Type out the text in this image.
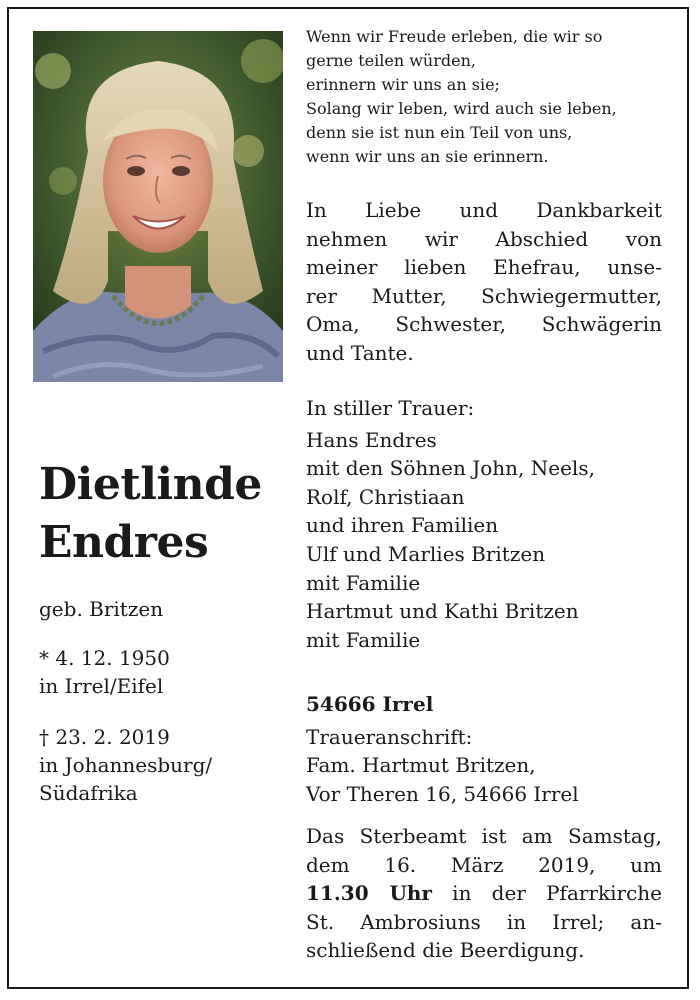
Wenn wir Freude erleben, die wir so
gerne teilen würden,
erinnern wir uns an sie;
Solang wir leben, wird auch sie leben,
denn sie ist nun ein Teil von uns,
wenn wir uns an sie erinnern.
In Liebe und Dankbarkeit
nehmen wir Abschied von
meiner lieben Ehefrau, unse-
rer Mutter, Schwiegermutter,
Oma, Schwester, Schwägerin
und Tante.
In stiller Trauer:
Hans Endres
mit den Söhnen John, Neels,
Rolf, Christiaan
und ihren Familien
Ulf und Marlies Britzen
mit Familie
Hartmut und Kathi Britzen
mit Familie
54666 Irrel
Traueranschrift:
Fam. Hartmut Britzen,
Vor Theren 16, 54666 Irrel
Das Sterbeamt ist am Samstag,
dem 16. März 2019, um
11.30 Uhr in der Pfarrkirche
St. Ambrosiuns in Irrel; an-
schließend die Beerdigung.
Dietlinde
Endres
geb. Britzen
* 4. 12. 1950
in Irrel/Eifel
† 23. 2. 2019
in Johannesburg/
Südafrika
